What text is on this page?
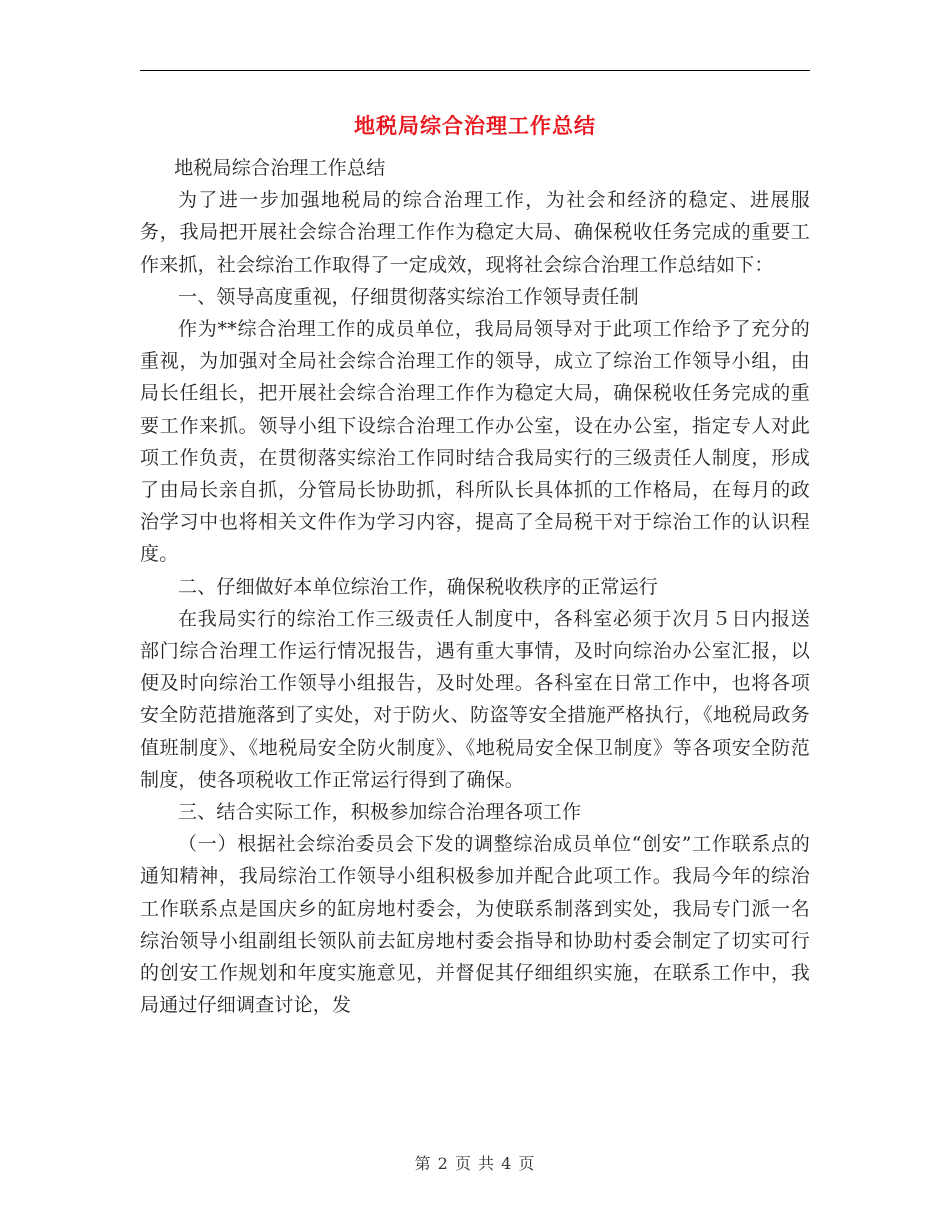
地税局综合治理工作总结

地税局综合治理工作总结

为了进一步加强地税局的综合治理工作，为社会和经济的稳定、进展服务，我局把开展社会综合治理工作作为稳定大局、确保税收任务完成的重要工作来抓，社会综治工作取得了一定成效，现将社会综合治理工作总结如下：

一、领导高度重视，仔细贯彻落实综治工作领导责任制

作为**综合治理工作的成员单位，我局局领导对于此项工作给予了充分的重视，为加强对全局社会综合治理工作的领导，成立了综治工作领导小组，由局长任组长，把开展社会综合治理工作作为稳定大局，确保税收任务完成的重要工作来抓。领导小组下设综合治理工作办公室，设在办公室，指定专人对此项工作负责，在贯彻落实综治工作同时结合我局实行的三级责任人制度，形成了由局长亲自抓，分管局长协助抓，科所队长具体抓的工作格局，在每月的政治学习中也将相关文件作为学习内容，提高了全局税干对于综治工作的认识程度。

二、仔细做好本单位综治工作，确保税收秩序的正常运行

在我局实行的综治工作三级责任人制度中，各科室必须于次月５日内报送部门综合治理工作运行情况报告，遇有重大事情，及时向综治办公室汇报，以便及时向综治工作领导小组报告，及时处理。各科室在日常工作中，也将各项安全防范措施落到了实处，对于防火、防盗等安全措施严格执行，《地税局政务值班制度》、《地税局安全防火制度》、《地税局安全保卫制度》等各项安全防范制度，使各项税收工作正常运行得到了确保。

三、结合实际工作，积极参加综合治理各项工作

（一）根据社会综治委员会下发的调整综治成员单位“创安”工作联系点的通知精神，我局综治工作领导小组积极参加并配合此项工作。我局今年的综治工作联系点是国庆乡的缸房地村委会，为使联系制落到实处，我局专门派一名综治领导小组副组长领队前去缸房地村委会指导和协助村委会制定了切实可行的创安工作规划和年度实施意见，并督促其仔细组织实施，在联系工作中，我局通过仔细调查讨论，发

第 2 页 共 4 页
